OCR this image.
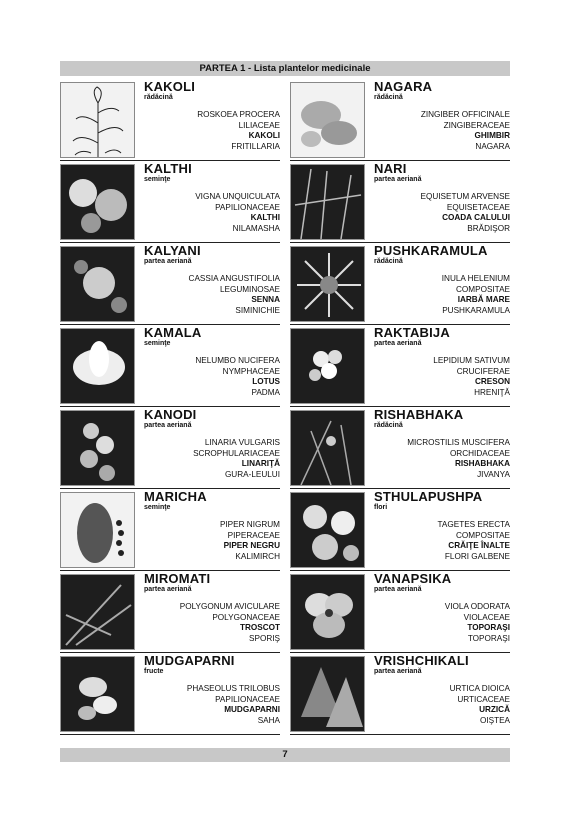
PARTEA 1 - Lista plantelor medicinale
KAKOLI
rădăcină
ROSKOEA PROCERA
LILIACEAE
KAKOLI
FRITILLARIA
KALTHI
seminţe
VIGNA UNQUICULATA
PAPILIONACEAE
KALTHI
NILAMASHA
KALYANI
partea aeriană
CASSIA ANGUSTIFOLIA
LEGUMINOSAE
SENNA
SIMINICHIE
KAMALA
seminţe
NELUMBO NUCIFERA
NYMPHACEAE
LOTUS
PADMA
KANODI
partea aeriană
LINARIA VULGARIS
SCROPHULARIACEAE
LINARIŢĂ
GURA-LEULUI
MARICHA
seminţe
PIPER NIGRUM
PIPERACEAE
PIPER NEGRU
KALIMIRCH
MIROMATI
partea aeriană
POLYGONUM AVICULARE
POLYGONACEAE
TROSCOT
SPORIŞ
MUDGAPARNI
fructe
PHASEOLUS TRILOBUS
PAPILIONACEAE
MUDGAPARNI
SAHA
NAGARA
rădăcină
ZINGIBER OFFICINALE
ZINGIBERACEAE
GHIMBIR
NAGARA
NARI
partea aeriană
EQUISETUM ARVENSE
EQUISETACEAE
COADA CALULUI
BRĂDIŞOR
PUSHKARAMULA
rădăcină
INULA HELENIUM
COMPOSITAE
IARBĂ MARE
PUSHKARAMULA
RAKTABIJA
partea aeriană
LEPIDIUM SATIVUM
CRUCIFERAE
CRESON
HRENIŢĂ
RISHABHAKA
rădăcină
MICROSTILIS MUSCIFERA
ORCHIDACEAE
RISHABHAKA
JIVANYA
STHULAPUSHPA
flori
TAGETES ERECTA
COMPOSITAE
CRĂIŢE ÎNALTE
FLORI GALBENE
VANAPSIKA
partea aeriană
VIOLA ODORATA
VIOLACEAE
TOPORAŞI
TOPORAŞI
VRISHCHIKALI
partea aeriană
URTICA DIOICA
URTICACEAE
URZICĂ
OIŞTEA
7
